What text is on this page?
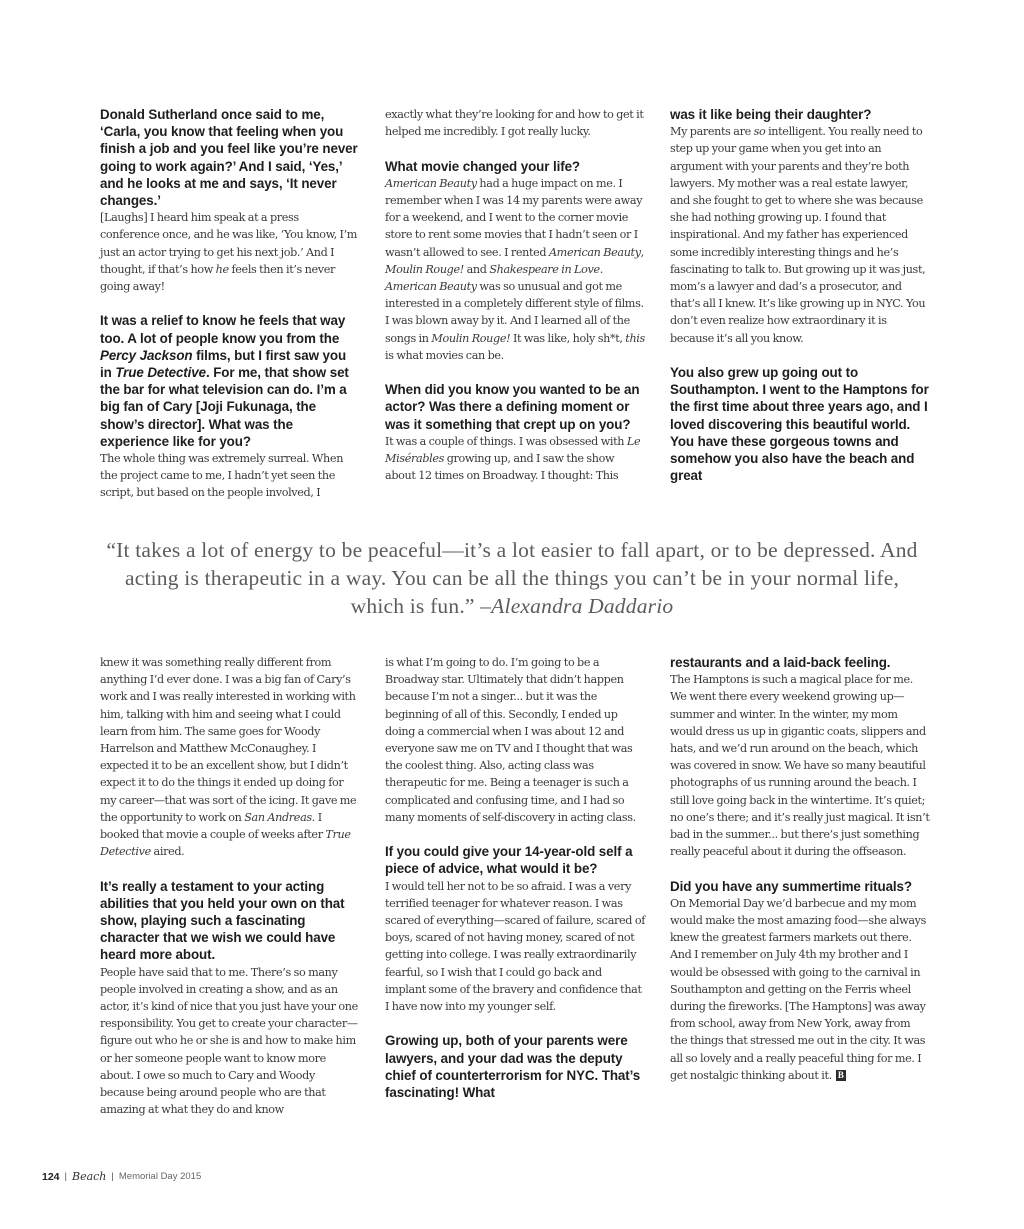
Donald Sutherland once said to me, ‘Carla, you know that feeling when you finish a job and you feel like you’re never going to work again?’ And I said, ‘Yes,’ and he looks at me and says, ‘It never changes.’

[Laughs] I heard him speak at a press conference once, and he was like, ‘You know, I’m just an actor trying to get his next job.’ And I thought, if that’s how he feels then it’s never going away!

It was a relief to know he feels that way too. A lot of people know you from the Percy Jackson films, but I first saw you in True Detective. For me, that show set the bar for what television can do. I’m a big fan of Cary [Joji Fukunaga, the show’s director]. What was the experience like for you?

The whole thing was extremely surreal. When the project came to me, I hadn’t yet seen the script, but based on the people involved, I

exactly what they’re looking for and how to get it helped me incredibly. I got really lucky.

What movie changed your life?

American Beauty had a huge impact on me. I remember when I was 14 my parents were away for a weekend, and I went to the corner movie store to rent some movies that I hadn’t seen or I wasn’t allowed to see. I rented American Beauty, Moulin Rouge! and Shakespeare in Love. American Beauty was so unusual and got me interested in a completely different style of films. I was blown away by it. And I learned all of the songs in Moulin Rouge! It was like, holy sh*t, this is what movies can be.

When did you know you wanted to be an actor? Was there a defining moment or was it something that crept up on you?

It was a couple of things. I was obsessed with Le Misérables growing up, and I saw the show about 12 times on Broadway. I thought: This

was it like being their daughter?

My parents are so intelligent. You really need to step up your game when you get into an argument with your parents and they’re both lawyers. My mother was a real estate lawyer, and she fought to get to where she was because she had nothing growing up. I found that inspirational. And my father has experienced some incredibly interesting things and he’s fascinating to talk to. But growing up it was just, mom’s a lawyer and dad’s a prosecutor, and that’s all I knew. It’s like growing up in NYC. You don’t even realize how extraordinary it is because it’s all you know.

You also grew up going out to Southampton. I went to the Hamptons for the first time about three years ago, and I loved discovering this beautiful world. You have these gorgeous towns and somehow you also have the beach and great

“It takes a lot of energy to be peaceful—it’s a lot easier to fall apart, or to be depressed. And acting is therapeutic in a way. You can be all the things you can’t be in your normal life, which is fun.” –Alexandra Daddario

knew it was something really different from anything I’d ever done. I was a big fan of Cary’s work and I was really interested in working with him, talking with him and seeing what I could learn from him. The same goes for Woody Harrelson and Matthew McConaughey. I expected it to be an excellent show, but I didn’t expect it to do the things it ended up doing for my career—that was sort of the icing. It gave me the opportunity to work on San Andreas. I booked that movie a couple of weeks after True Detective aired.

It’s really a testament to your acting abilities that you held your own on that show, playing such a fascinating character that we wish we could have heard more about.

People have said that to me. There’s so many people involved in creating a show, and as an actor, it’s kind of nice that you just have your one responsibility. You get to create your character—figure out who he or she is and how to make him or her someone people want to know more about. I owe so much to Cary and Woody because being around people who are that amazing at what they do and know

is what I’m going to do. I’m going to be a Broadway star. Ultimately that didn’t happen because I’m not a singer... but it was the beginning of all of this. Secondly, I ended up doing a commercial when I was about 12 and everyone saw me on TV and I thought that was the coolest thing. Also, acting class was therapeutic for me. Being a teenager is such a complicated and confusing time, and I had so many moments of self-discovery in acting class.

If you could give your 14-year-old self a piece of advice, what would it be?

I would tell her not to be so afraid. I was a very terrified teenager for whatever reason. I was scared of everything—scared of failure, scared of boys, scared of not having money, scared of not getting into college. I was really extraordinarily fearful, so I wish that I could go back and implant some of the bravery and confidence that I have now into my younger self.

Growing up, both of your parents were lawyers, and your dad was the deputy chief of counterterrorism for NYC. That’s fascinating! What

restaurants and a laid-back feeling.

The Hamptons is such a magical place for me. We went there every weekend growing up—summer and winter. In the winter, my mom would dress us up in gigantic coats, slippers and hats, and we’d run around on the beach, which was covered in snow. We have so many beautiful photographs of us running around the beach. I still love going back in the wintertime. It’s quiet; no one’s there; and it’s really just magical. It isn’t bad in the summer... but there’s just something really peaceful about it during the offseason.

Did you have any summertime rituals?

On Memorial Day we’d barbecue and my mom would make the most amazing food—she always knew the greatest farmers markets out there. And I remember on July 4th my brother and I would be obsessed with going to the carnival in Southampton and getting on the Ferris wheel during the fireworks. [The Hamptons] was away from school, away from New York, away from the things that stressed me out in the city. It was all so lovely and a really peaceful thing for me. I get nostalgic thinking about it. B

124 | Beach | Memorial Day 2015
